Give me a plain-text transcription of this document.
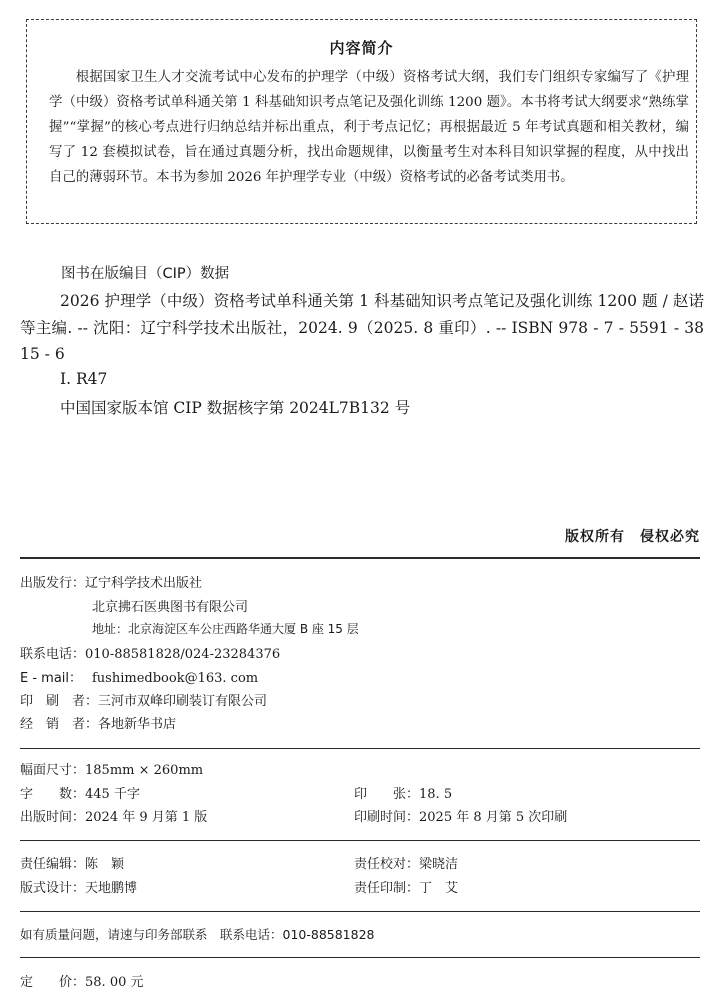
内容简介

根据国家卫生人才交流考试中心发布的护理学（中级）资格考试大纲，我们专门组织专家编写了《护理学（中级）资格考试单科通关第 1 科基础知识考点笔记及强化训练 1200 题》。本书将考试大纲要求“熟练掌握”“掌握”的核心考点进行归纳总结并标出重点，利于考点记忆；再根据最近 5 年考试真题和相关教材，编写了 12 套模拟试卷，旨在通过真题分析，找出命题规律，以衡量考生对本科目知识掌握的程度，从中找出自己的薄弱环节。本书为参加 2026 年护理学专业（中级）资格考试的必备考试类用书。

图书在版编目（CIP）数据

2026 护理学（中级）资格考试单科通关第 1 科基础知识考点笔记及强化训练 1200 题 / 赵诺等主编. -- 沈阳：辽宁科学技术出版社，2024. 9（2025. 8 重印）. -- ISBN 978 - 7 - 5591 - 3815 - 6

Ⅰ. R47
中国国家版本馆 CIP 数据核字第 2024L7B132 号
版权所有　侵权必究
出版发行：辽宁科学技术出版社
北京拂石医典图书有限公司
地址：北京海淀区车公庄西路华通大厦 B 座 15 层
联系电话：010-88581828/024-23284376
E - mail： fushimedbook@163. com
印　刷　者：三河市双峰印刷装订有限公司
经　销　者：各地新华书店
幅面尺寸：185mm × 260mm
字　　数：445 千字	印　　张：18. 5
出版时间：2024 年 9 月第 1 版	印刷时间：2025 年 8 月第 5 次印刷
责任编辑：陈　颖	责任校对：梁晓洁
版式设计：天地鹏博	责任印制：丁　艾
如有质量问题，请速与印务部联系　联系电话：010-88581828
定　　价：58. 00 元
